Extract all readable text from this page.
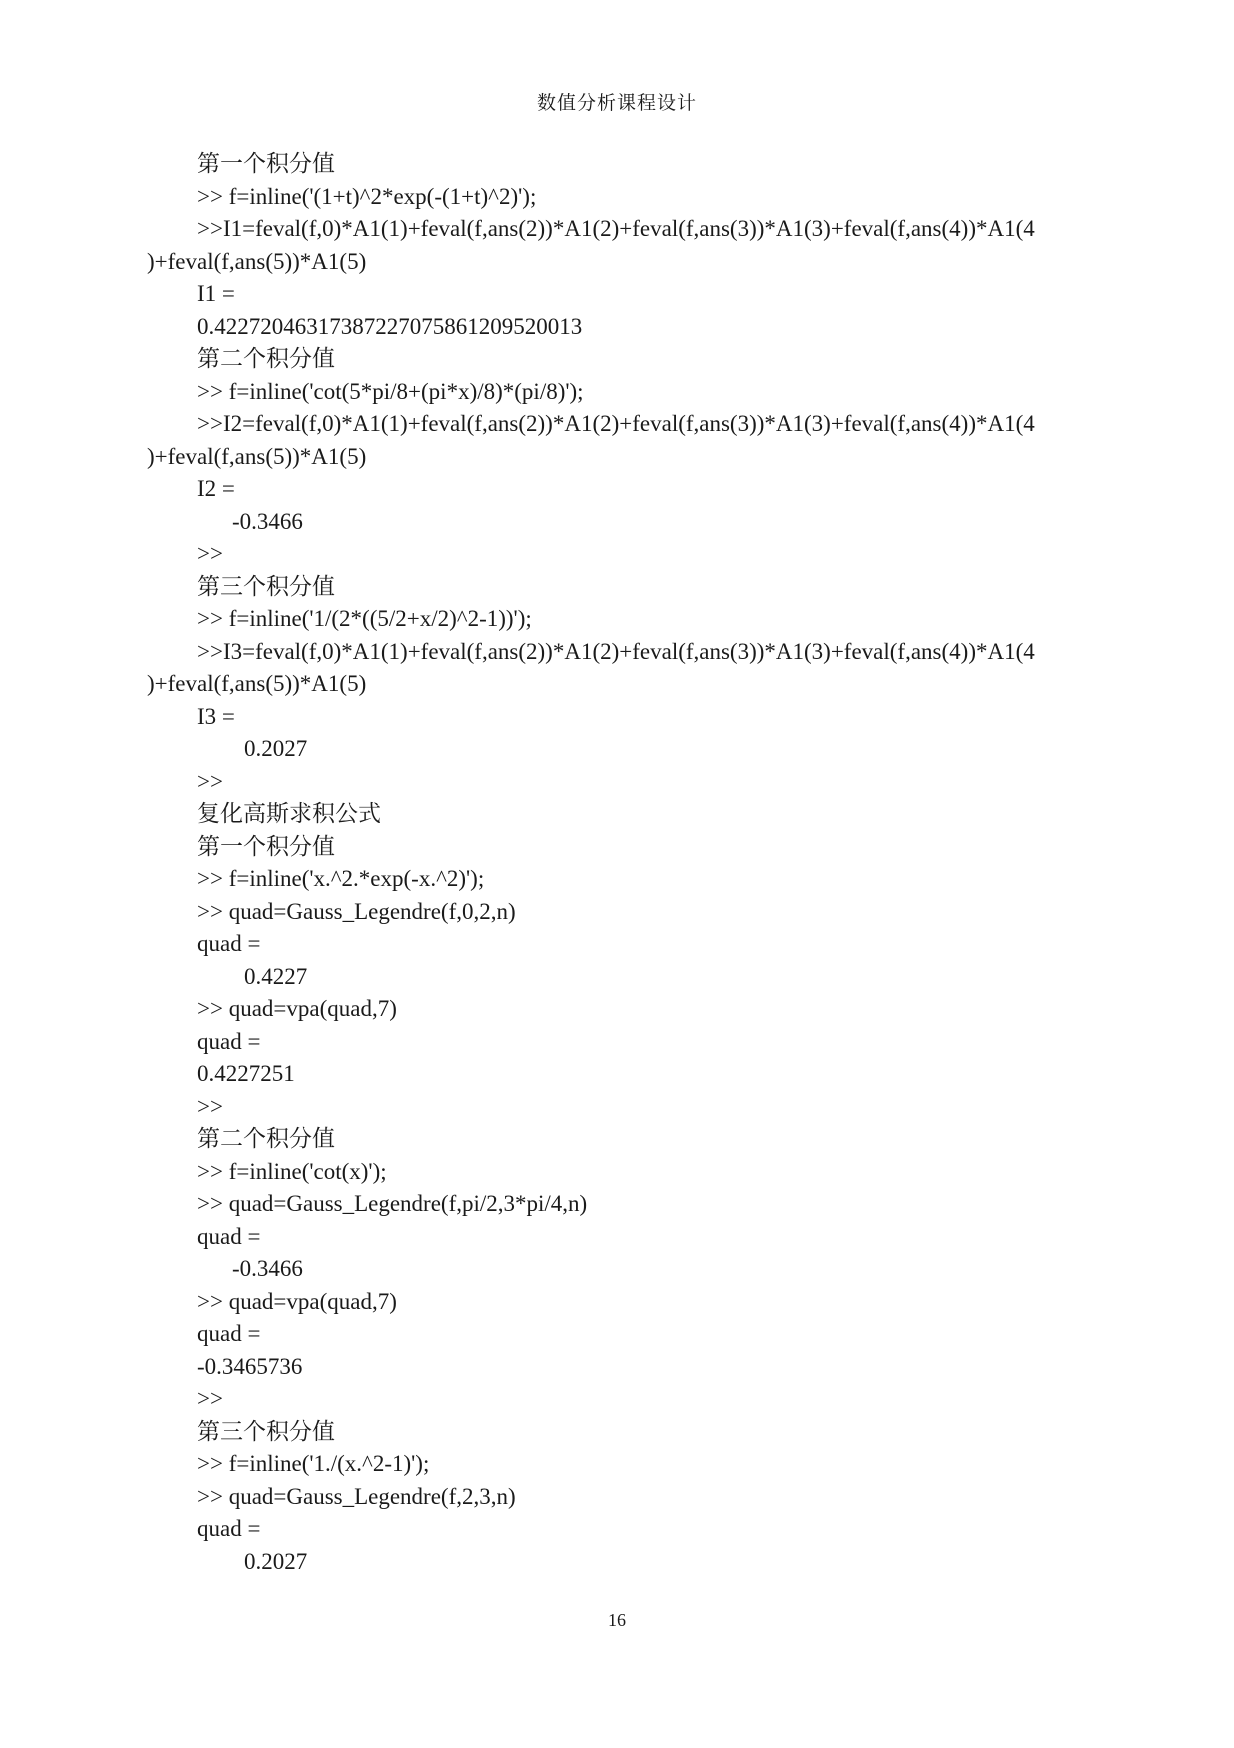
数值分析课程设计
第一个积分值
>> f=inline('(1+t)^2*exp(-(1+t)^2)');
>>I1=feval(f,0)*A1(1)+feval(f,ans(2))*A1(2)+feval(f,ans(3))*A1(3)+feval(f,ans(4))*A1(4
)+feval(f,ans(5))*A1(5)
I1 =
0.42272046317387227075861209520013
第二个积分值
>> f=inline('cot(5*pi/8+(pi*x)/8)*(pi/8)');
>>I2=feval(f,0)*A1(1)+feval(f,ans(2))*A1(2)+feval(f,ans(3))*A1(3)+feval(f,ans(4))*A1(4
)+feval(f,ans(5))*A1(5)
I2 =
-0.3466
>>
第三个积分值
>> f=inline('1/(2*((5/2+x/2)^2-1))');
>>I3=feval(f,0)*A1(1)+feval(f,ans(2))*A1(2)+feval(f,ans(3))*A1(3)+feval(f,ans(4))*A1(4
)+feval(f,ans(5))*A1(5)
I3 =
0.2027
>>
复化高斯求积公式
第一个积分值
>> f=inline('x.^2.*exp(-x.^2)');
>> quad=Gauss_Legendre(f,0,2,n)
quad =
0.4227
>> quad=vpa(quad,7)
quad =
0.4227251
>>
第二个积分值
>> f=inline('cot(x)');
>> quad=Gauss_Legendre(f,pi/2,3*pi/4,n)
quad =
-0.3466
>> quad=vpa(quad,7)
quad =
-0.3465736
>>
第三个积分值
>> f=inline('1./(x.^2-1)');
>> quad=Gauss_Legendre(f,2,3,n)
quad =
0.2027
16
